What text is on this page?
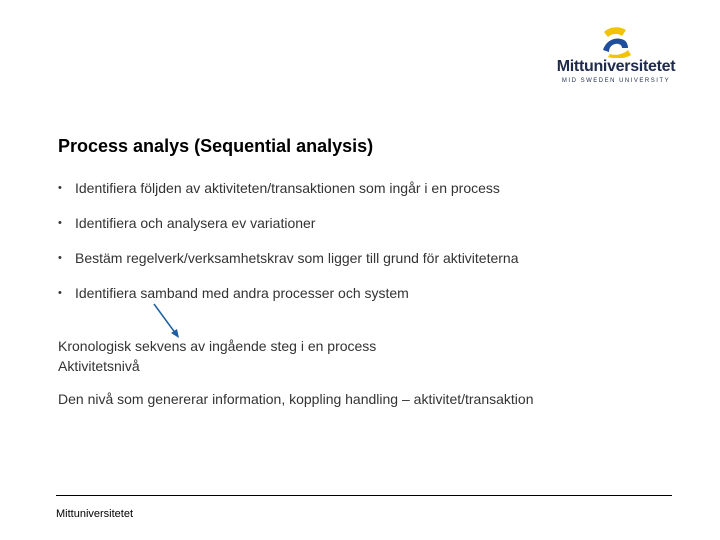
Mittuniversitetet
MID SWEDEN UNIVERSITY
Process analys (Sequential analysis)
• Identifiera följden av aktiviteten/transaktionen som ingår i en process
• Identifiera och analysera ev variationer
• Bestäm regelverk/verksamhetskrav som ligger till grund för aktiviteterna
• Identifiera samband med andra processer och system

Kronologisk sekvens av ingående steg i en process

Aktivitetsnivå

Den nivå som genererar information, koppling handling – aktivitet/transaktion

Mittuniversitetet
